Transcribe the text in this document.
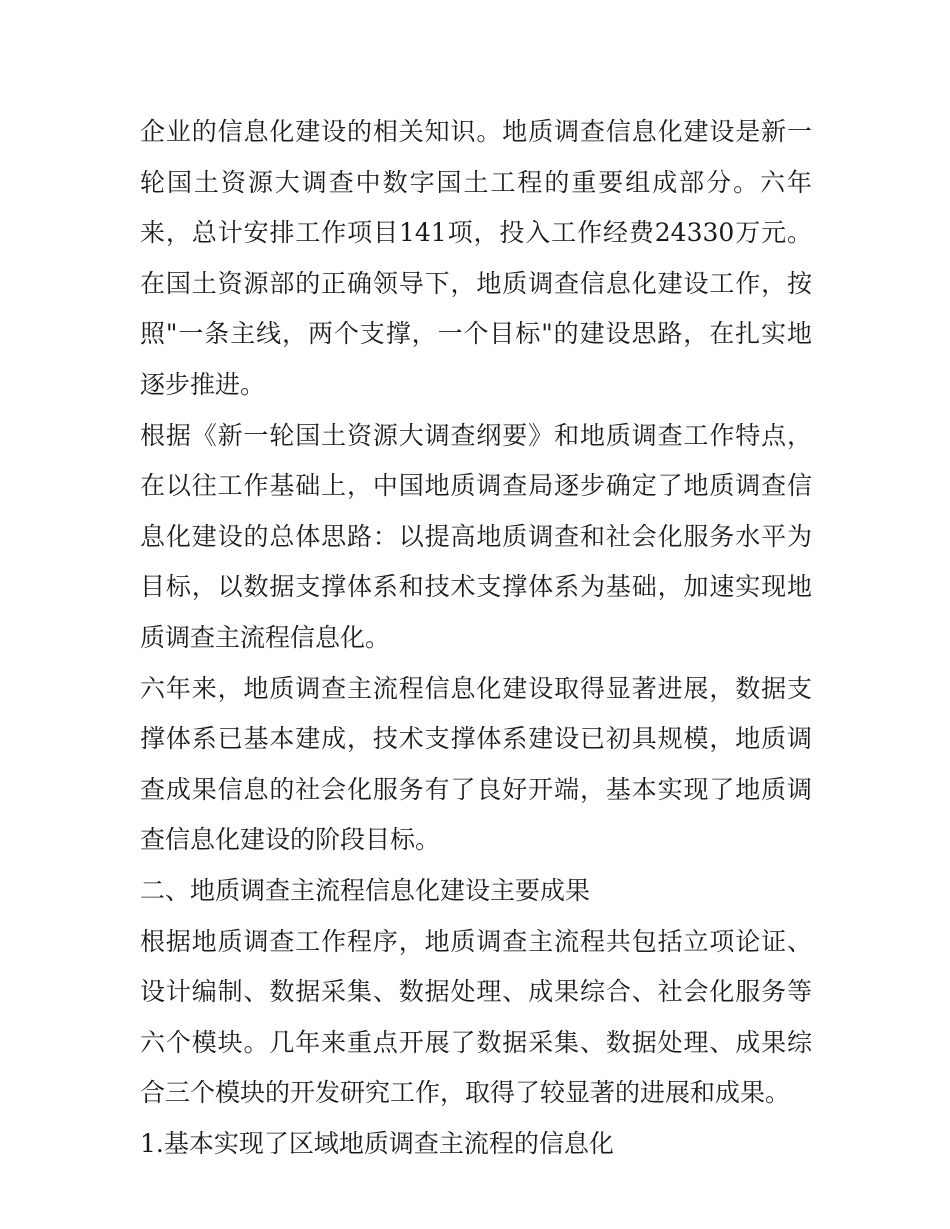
企业的信息化建设的相关知识。地质调查信息化建设是新一轮国土资源大调查中数字国土工程的重要组成部分。六年来，总计安排工作项目141项，投入工作经费24330万元。在国土资源部的正确领导下，地质调查信息化建设工作，按照"一条主线，两个支撑，一个目标"的建设思路，在扎实地逐步推进。

根据《新一轮国土资源大调查纲要》和地质调查工作特点，在以往工作基础上，中国地质调查局逐步确定了地质调查信息化建设的总体思路：以提高地质调查和社会化服务水平为目标，以数据支撑体系和技术支撑体系为基础，加速实现地质调查主流程信息化。

六年来，地质调查主流程信息化建设取得显著进展，数据支撑体系已基本建成，技术支撑体系建设已初具规模，地质调查成果信息的社会化服务有了良好开端，基本实现了地质调查信息化建设的阶段目标。

二、地质调查主流程信息化建设主要成果

根据地质调查工作程序，地质调查主流程共包括立项论证、设计编制、数据采集、数据处理、成果综合、社会化服务等六个模块。几年来重点开展了数据采集、数据处理、成果综合三个模块的开发研究工作，取得了较显著的进展和成果。

1.基本实现了区域地质调查主流程的信息化
